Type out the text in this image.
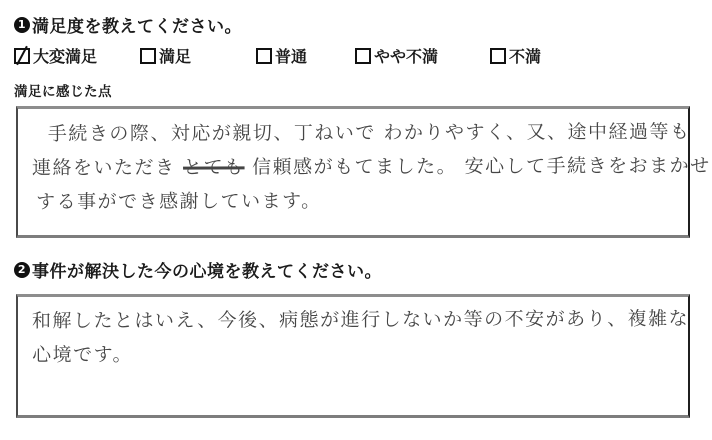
1 満足度を教えてください。
大変満足	満足	普通	やや不満	不満
満足に感じた点
手続きの際、対応が親切、丁ねいで わかりやすく、又、途中経過等も
連絡をいただき とても 信頼感がもてました。 安心して手続きをおまかせ
する事ができ感謝しています。
2 事件が解決した今の心境を教えてください。
和解したとはいえ、今後、病態が進行しないか等の不安があり、複雑な
心境です。
